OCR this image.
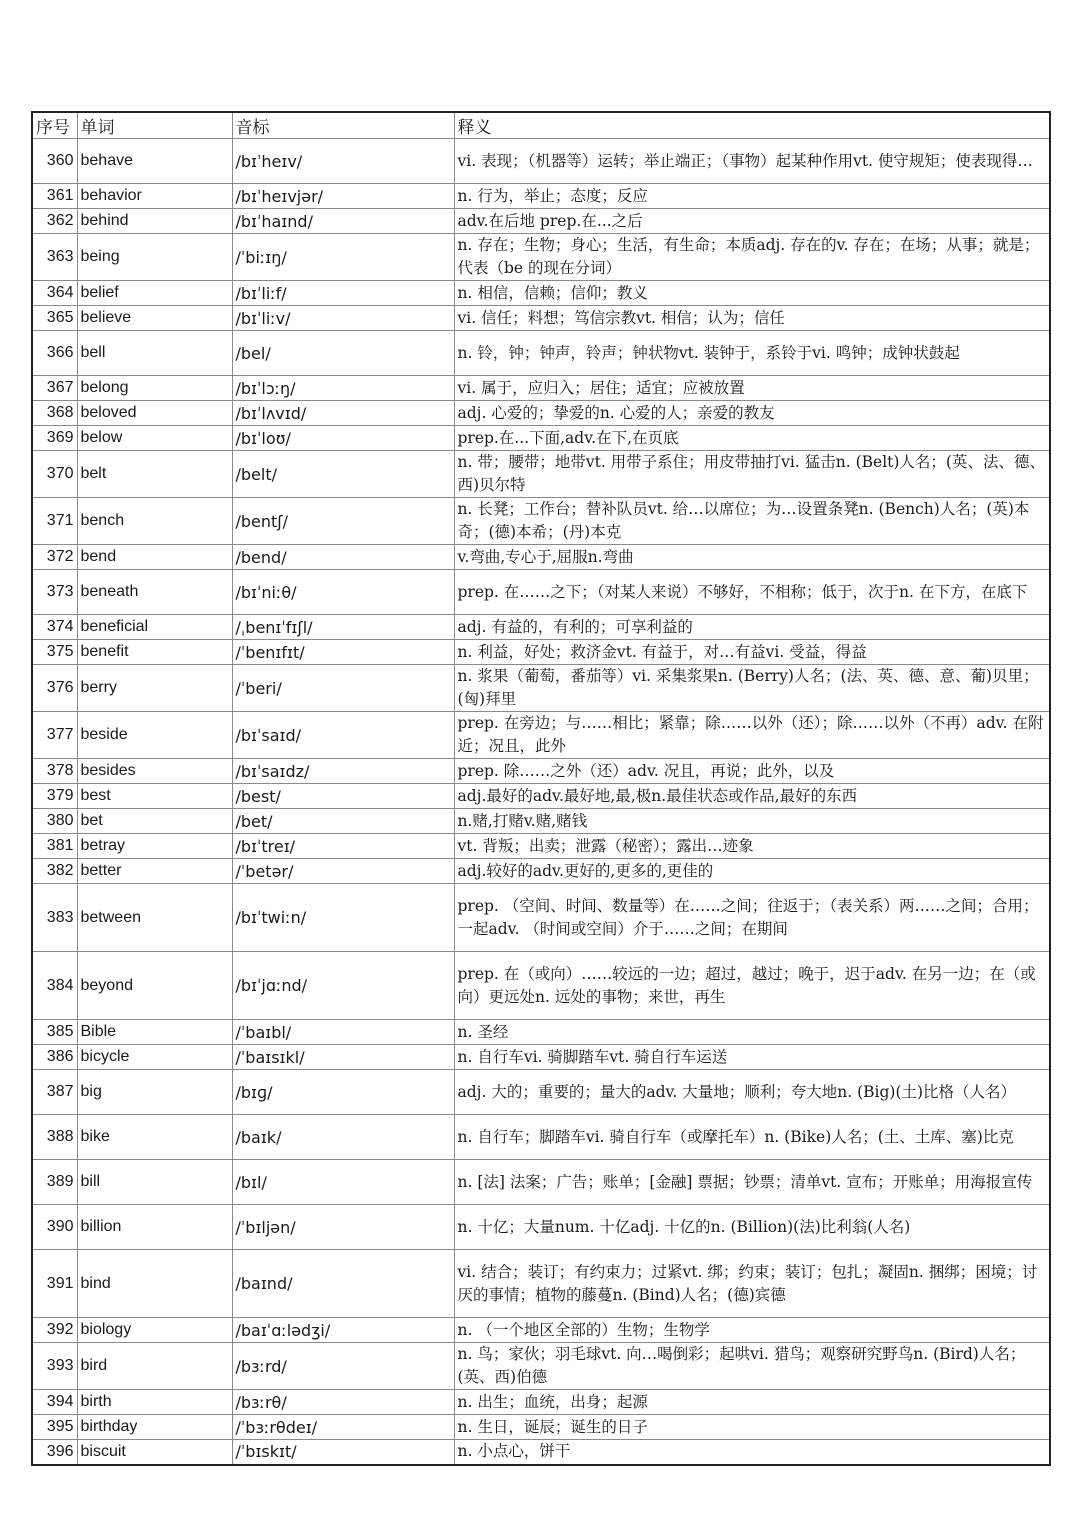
序号	单词	音标	释义
360	behave	/bɪˈheɪv/	vi. 表现；（机器等）运转；举止端正；（事物）起某种作用vt. 使守规矩；使表现得…
361	behavior	/bɪˈheɪvjər/	n. 行为，举止；态度；反应
362	behind	/bɪˈhaɪnd/	adv.在后地 prep.在...之后
363	being	/ˈbiːɪŋ/	n. 存在；生物；身心；生活，有生命；本质adj. 存在的v. 存在；在场；从事；就是；代表（be 的现在分词）
364	belief	/bɪˈliːf/	n. 相信，信赖；信仰；教义
365	believe	/bɪˈliːv/	vi. 信任；料想；笃信宗教vt. 相信；认为；信任
366	bell	/bel/	n. 铃，钟；钟声，铃声；钟状物vt. 装钟于，系铃于vi. 鸣钟；成钟状鼓起
367	belong	/bɪˈlɔːŋ/	vi. 属于，应归入；居住；适宜；应被放置
368	beloved	/bɪˈlʌvɪd/	adj. 心爱的；挚爱的n. 心爱的人；亲爱的教友
369	below	/bɪˈloʊ/	prep.在...下面,adv.在下,在页底
370	belt	/belt/	n. 带；腰带；地带vt. 用带子系住；用皮带抽打vi. 猛击n. (Belt)人名；(英、法、德、西)贝尔特
371	bench	/bentʃ/	n. 长凳；工作台；替补队员vt. 给…以席位；为…设置条凳n. (Bench)人名；(英)本奇；(德)本希；(丹)本克
372	bend	/bend/	v.弯曲,专心于,屈服n.弯曲
373	beneath	/bɪˈniːθ/	prep. 在……之下；（对某人来说）不够好，不相称；低于，次于n. 在下方，在底下
374	beneficial	/ˌbenɪˈfɪʃl/	adj. 有益的，有利的；可享利益的
375	benefit	/ˈbenɪfɪt/	n. 利益，好处；救济金vt. 有益于，对…有益vi. 受益，得益
376	berry	/ˈberi/	n. 浆果（葡萄，番茄等）vi. 采集浆果n. (Berry)人名；(法、英、德、意、葡)贝里；(匈)拜里
377	beside	/bɪˈsaɪd/	prep. 在旁边；与……相比；紧靠；除……以外（还）；除……以外（不再）adv. 在附近；况且，此外
378	besides	/bɪˈsaɪdz/	prep. 除……之外（还）adv. 况且，再说；此外，以及
379	best	/best/	adj.最好的adv.最好地,最,极n.最佳状态或作品,最好的东西
380	bet	/bet/	n.赌,打赌v.赌,赌钱
381	betray	/bɪˈtreɪ/	vt. 背叛；出卖；泄露（秘密）；露出…迹象
382	better	/ˈbetər/	adj.较好的adv.更好的,更多的,更佳的
383	between	/bɪˈtwiːn/	prep. （空间、时间、数量等）在……之间；往返于；（表关系）两……之间；合用；一起adv. （时间或空间）介于……之间；在期间
384	beyond	/bɪˈjɑːnd/	prep. 在（或向）……较远的一边；超过，越过；晚于，迟于adv. 在另一边；在（或向）更远处n. 远处的事物；来世，再生
385	Bible	/ˈbaɪbl/	n. 圣经
386	bicycle	/ˈbaɪsɪkl/	n. 自行车vi. 骑脚踏车vt. 骑自行车运送
387	big	/bɪɡ/	adj. 大的；重要的；量大的adv. 大量地；顺利；夸大地n. (Big)(土)比格（人名）
388	bike	/baɪk/	n. 自行车；脚踏车vi. 骑自行车（或摩托车）n. (Bike)人名；(土、土库、塞)比克
389	bill	/bɪl/	n. [法] 法案；广告；账单；[金融] 票据；钞票；清单vt. 宣布；开账单；用海报宣传
390	billion	/ˈbɪljən/	n. 十亿；大量num. 十亿adj. 十亿的n. (Billion)(法)比利翁(人名)
391	bind	/baɪnd/	vi. 结合；装订；有约束力；过紧vt. 绑；约束；装订；包扎；凝固n. 捆绑；困境；讨厌的事情；植物的藤蔓n. (Bind)人名；(德)宾德
392	biology	/baɪˈɑːlədʒi/	n. （一个地区全部的）生物；生物学
393	bird	/bɜːrd/	n. 鸟；家伙；羽毛球vt. 向…喝倒彩；起哄vi. 猎鸟；观察研究野鸟n. (Bird)人名；(英、西)伯德
394	birth	/bɜːrθ/	n. 出生；血统，出身；起源
395	birthday	/ˈbɜːrθdeɪ/	n. 生日，诞辰；诞生的日子
396	biscuit	/ˈbɪskɪt/	n. 小点心，饼干
